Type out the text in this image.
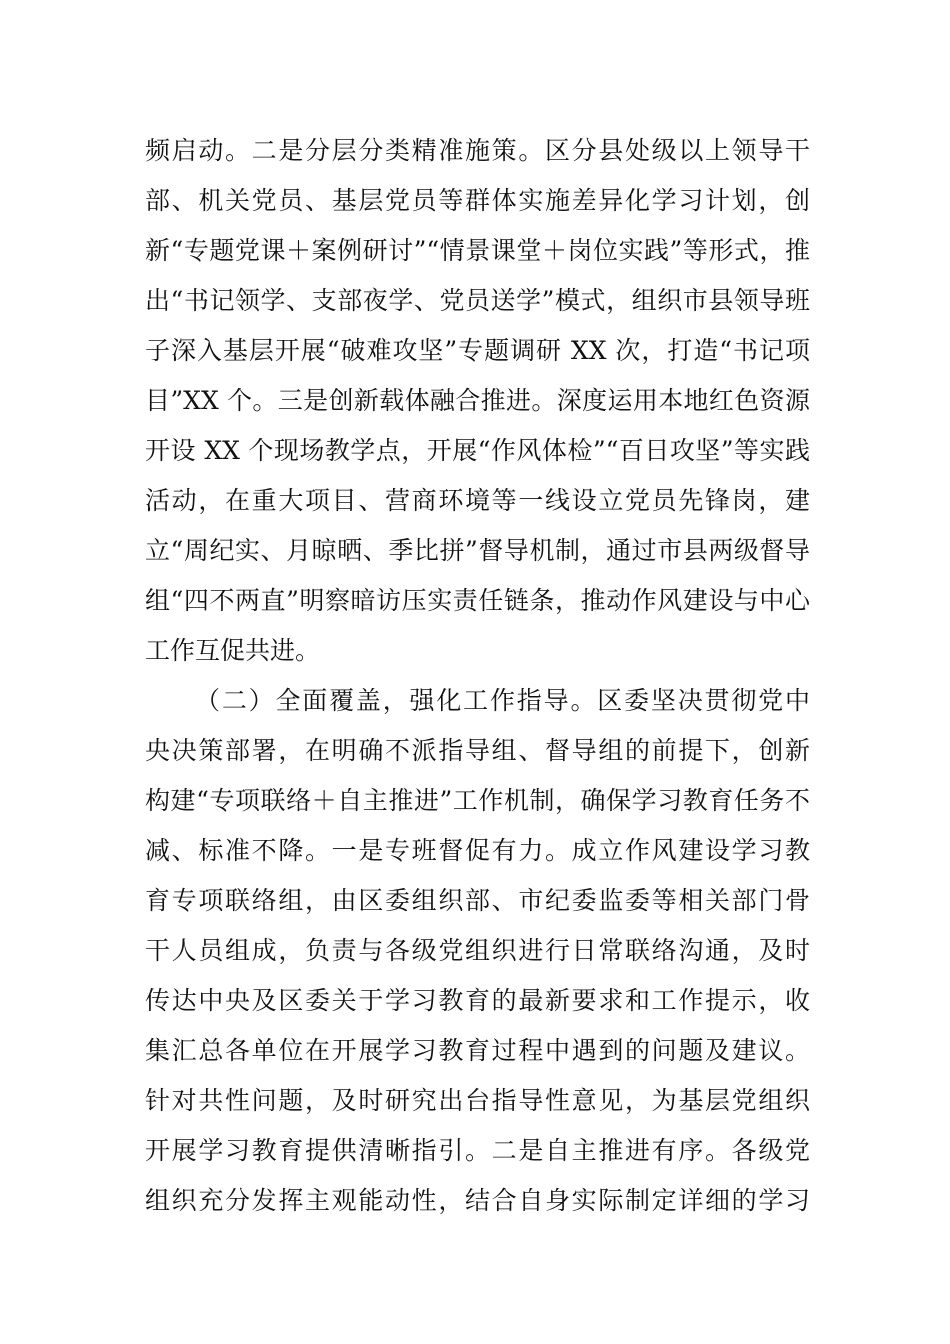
频启动。二是分层分类精准施策。区分县处级以上领导干
部、机关党员、基层党员等群体实施差异化学习计划，创
新“专题党课＋案例研讨”“情景课堂＋岗位实践”等形式，推
出“书记领学、支部夜学、党员送学”模式，组织市县领导班
子深入基层开展“破难攻坚”专题调研 XX 次，打造“书记项
目”XX 个。三是创新载体融合推进。深度运用本地红色资源
开设 XX 个现场教学点，开展“作风体检”“百日攻坚”等实践
活动，在重大项目、营商环境等一线设立党员先锋岗，建
立“周纪实、月晾晒、季比拼”督导机制，通过市县两级督导
组“四不两直”明察暗访压实责任链条，推动作风建设与中心
工作互促共进。
（二）全面覆盖，强化工作指导。区委坚决贯彻党中
央决策部署，在明确不派指导组、督导组的前提下，创新
构建“专项联络＋自主推进”工作机制，确保学习教育任务不
减、标准不降。一是专班督促有力。成立作风建设学习教
育专项联络组，由区委组织部、市纪委监委等相关部门骨
干人员组成，负责与各级党组织进行日常联络沟通，及时
传达中央及区委关于学习教育的最新要求和工作提示，收
集汇总各单位在开展学习教育过程中遇到的问题及建议。
针对共性问题，及时研究出台指导性意见，为基层党组织
开展学习教育提供清晰指引。二是自主推进有序。各级党
组织充分发挥主观能动性，结合自身实际制定详细的学习
